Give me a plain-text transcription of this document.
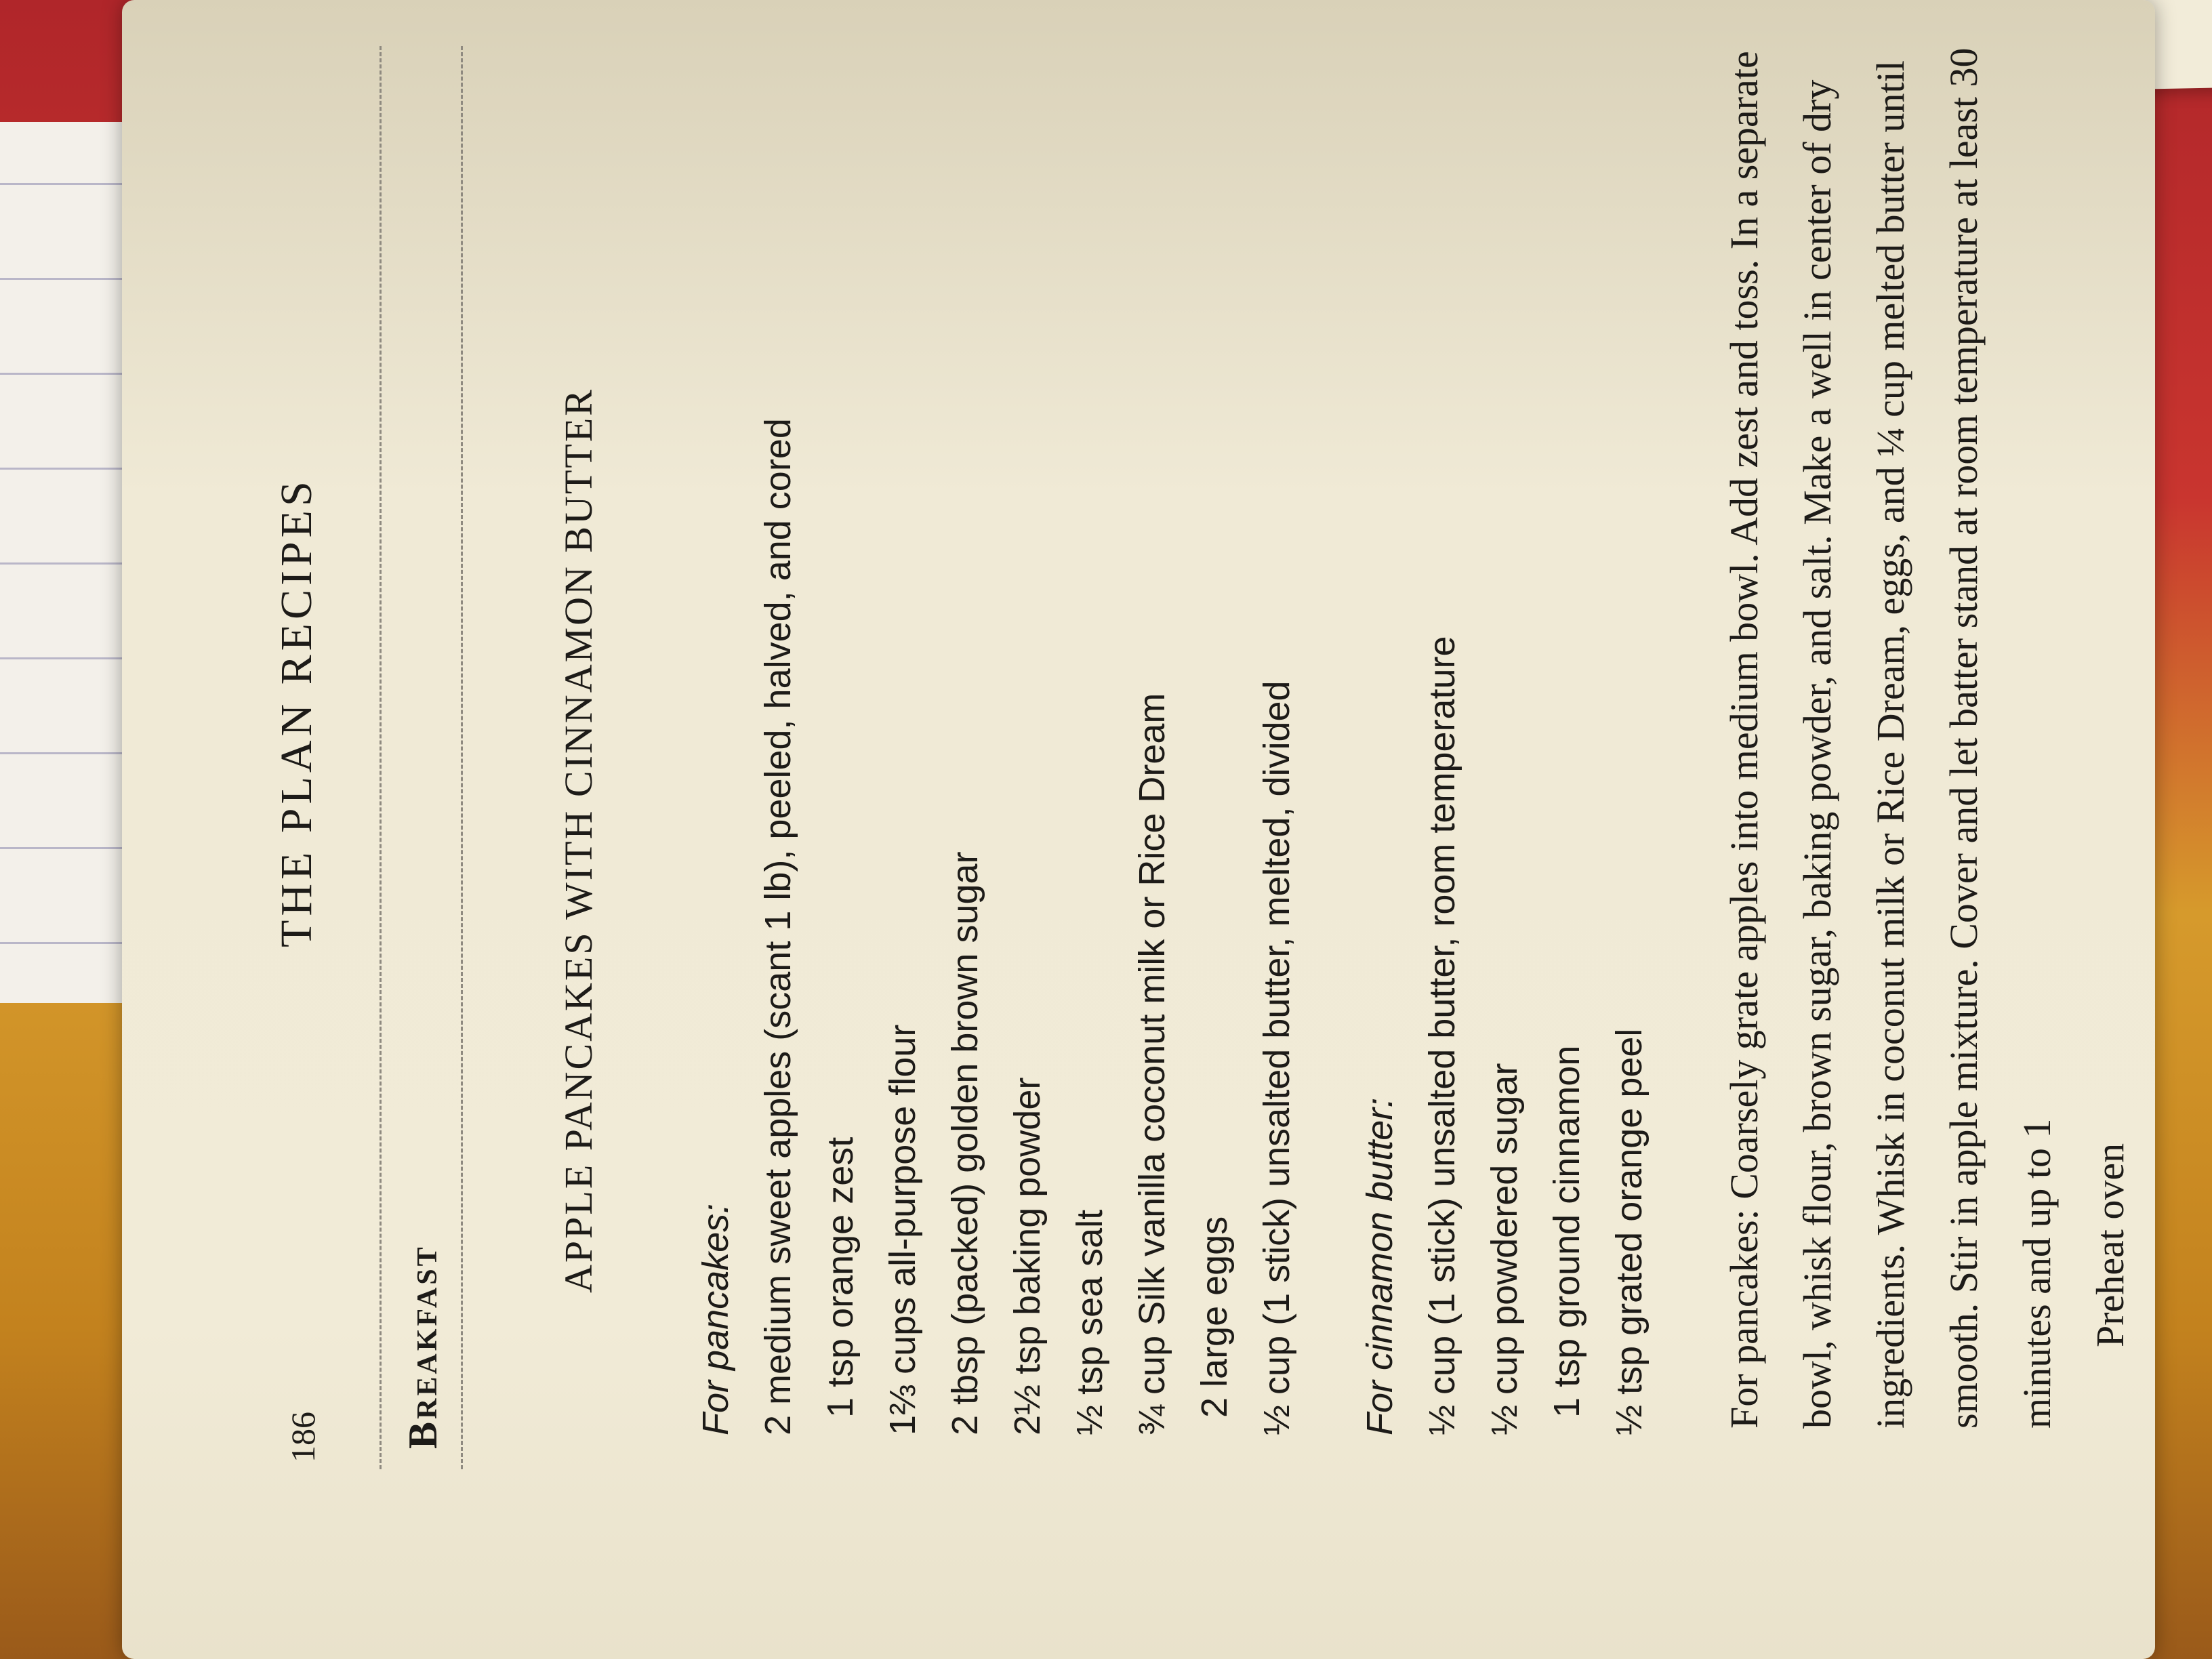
186
THE PLAN RECIPES
Breakfast
APPLE PANCAKES WITH CINNAMON BUTTER

For pancakes: 2 medium sweet apples (scant 1 lb), peeled, halved, and cored 1 tsp orange zest 1⅔ cups all-purpose flour 2 tbsp (packed) golden brown sugar 2½ tsp baking powder ½ tsp sea salt ¾ cup Silk vanilla coconut milk or Rice Dream 2 large eggs ½ cup (1 stick) unsalted butter, melted, divided For cinnamon butter: ½ cup (1 stick) unsalted butter, room temperature ½ cup powdered sugar 1 tsp ground cinnamon ½ tsp grated orange peel	For pancakes: Coarsely grate apples into medium bowl. Add zest and toss. In a separate bowl, whisk flour, brown sugar, baking powder, and salt. Make a well in center of dry ingredients. Whisk in coconut milk or Rice Dream, eggs, and ¼ cup melted butter until smooth. Stir in apple mixture. Cover and let batter stand at room temperature at least 30 minutes and up to 1 Preheat oven
